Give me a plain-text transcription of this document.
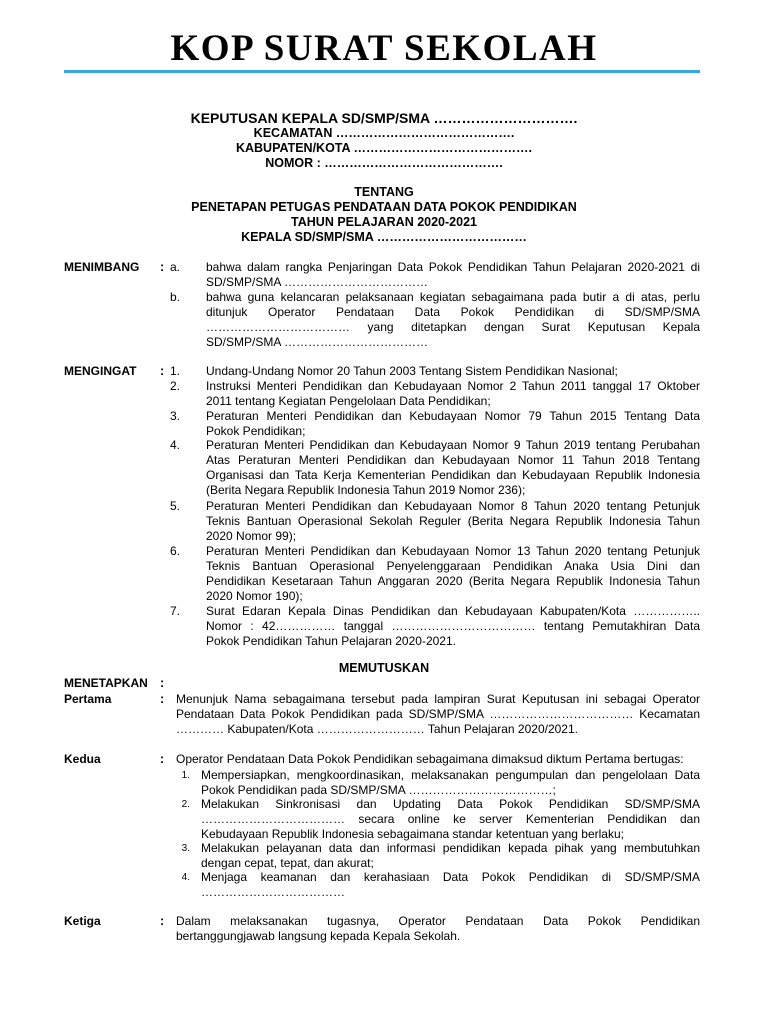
KOP SURAT SEKOLAH
KEPUTUSAN KEPALA SD/SMP/SMA ………………………….
KECAMATAN …………………………………….
KABUPATEN/KOTA …………………………………….
NOMOR : …………………………………….
TENTANG
PENETAPAN PETUGAS PENDATAAN DATA POKOK PENDIDIKAN
TAHUN PELAJARAN 2020-2021
KEPALA SD/SMP/SMA ………………………………
MENIMBANG : a. bahwa dalam rangka Penjaringan Data Pokok Pendidikan Tahun Pelajaran 2020-2021 di
SD/SMP/SMA ………………………………
b. bahwa guna kelancaran pelaksanaan kegiatan sebagaimana pada butir a di atas, perlu
ditunjuk Operator Pendataan Data Pokok Pendidikan di SD/SMP/SMA
……………………………… yang ditetapkan dengan Surat Keputusan Kepala
SD/SMP/SMA ………………………………
MENGINGAT : 1. Undang-Undang Nomor 20 Tahun 2003 Tentang Sistem Pendidikan Nasional;
2. Instruksi Menteri Pendidikan dan Kebudayaan Nomor 2 Tahun 2011 tanggal 17 Oktober
2011 tentang Kegiatan Pengelolaan Data Pendidikan;
3. Peraturan Menteri Pendidikan dan Kebudayaan Nomor 79 Tahun 2015 Tentang Data
Pokok Pendidikan;
4. Peraturan Menteri Pendidikan dan Kebudayaan Nomor 9 Tahun 2019 tentang Perubahan
Atas Peraturan Menteri Pendidikan dan Kebudayaan Nomor 11 Tahun 2018 Tentang
Organisasi dan Tata Kerja Kementerian Pendidikan dan Kebudayaan Republik Indonesia
(Berita Negara Republik Indonesia Tahun 2019 Nomor 236);
5. Peraturan Menteri Pendidikan dan Kebudayaan Nomor 8 Tahun 2020 tentang Petunjuk
Teknis Bantuan Operasional Sekolah Reguler (Berita Negara Republik Indonesia Tahun
2020 Nomor 99);
6. Peraturan Menteri Pendidikan dan Kebudayaan Nomor 13 Tahun 2020 tentang Petunjuk
Teknis Bantuan Operasional Penyelenggaraan Pendidikan Anaka Usia Dini dan
Pendidikan Kesetaraan Tahun Anggaran 2020 (Berita Negara Republik Indonesia Tahun
2020 Nomor 190);
7. Surat Edaran Kepala Dinas Pendidikan dan Kebudayaan Kabupaten/Kota ……………..
Nomor : 42…………… tanggal ……………………………… tentang Pemutakhiran Data
Pokok Pendidikan Tahun Pelajaran 2020-2021.
MEMUTUSKAN
MENETAPKAN :
Pertama	: Menunjuk Nama sebagaimana tersebut pada lampiran Surat Keputusan ini sebagai Operator
Pendataan Data Pokok Pendidikan pada SD/SMP/SMA ……………………………… Kecamatan
………… Kabupaten/Kota ……………………… Tahun Pelajaran 2020/2021.
Kedua	: Operator Pendataan Data Pokok Pendidikan sebagaimana dimaksud diktum Pertama bertugas:
1. Mempersiapkan, mengkoordinasikan, melaksanakan pengumpulan dan pengelolaan Data
Pokok Pendidikan pada SD/SMP/SMA ………………………………;
2. Melakukan Sinkronisasi dan Updating Data Pokok Pendidikan SD/SMP/SMA
……………………………… secara online ke server Kementerian Pendidikan dan
Kebudayaan Republik Indonesia sebagaimana standar ketentuan yang berlaku;
3. Melakukan pelayanan data dan informasi pendidikan kepada pihak yang membutuhkan
dengan cepat, tepat, dan akurat;
4. Menjaga keamanan dan kerahasiaan Data Pokok Pendidikan di SD/SMP/SMA
………………………………
Ketiga	: Dalam melaksanakan tugasnya, Operator Pendataan Data Pokok Pendidikan
bertanggungjawab langsung kepada Kepala Sekolah.
